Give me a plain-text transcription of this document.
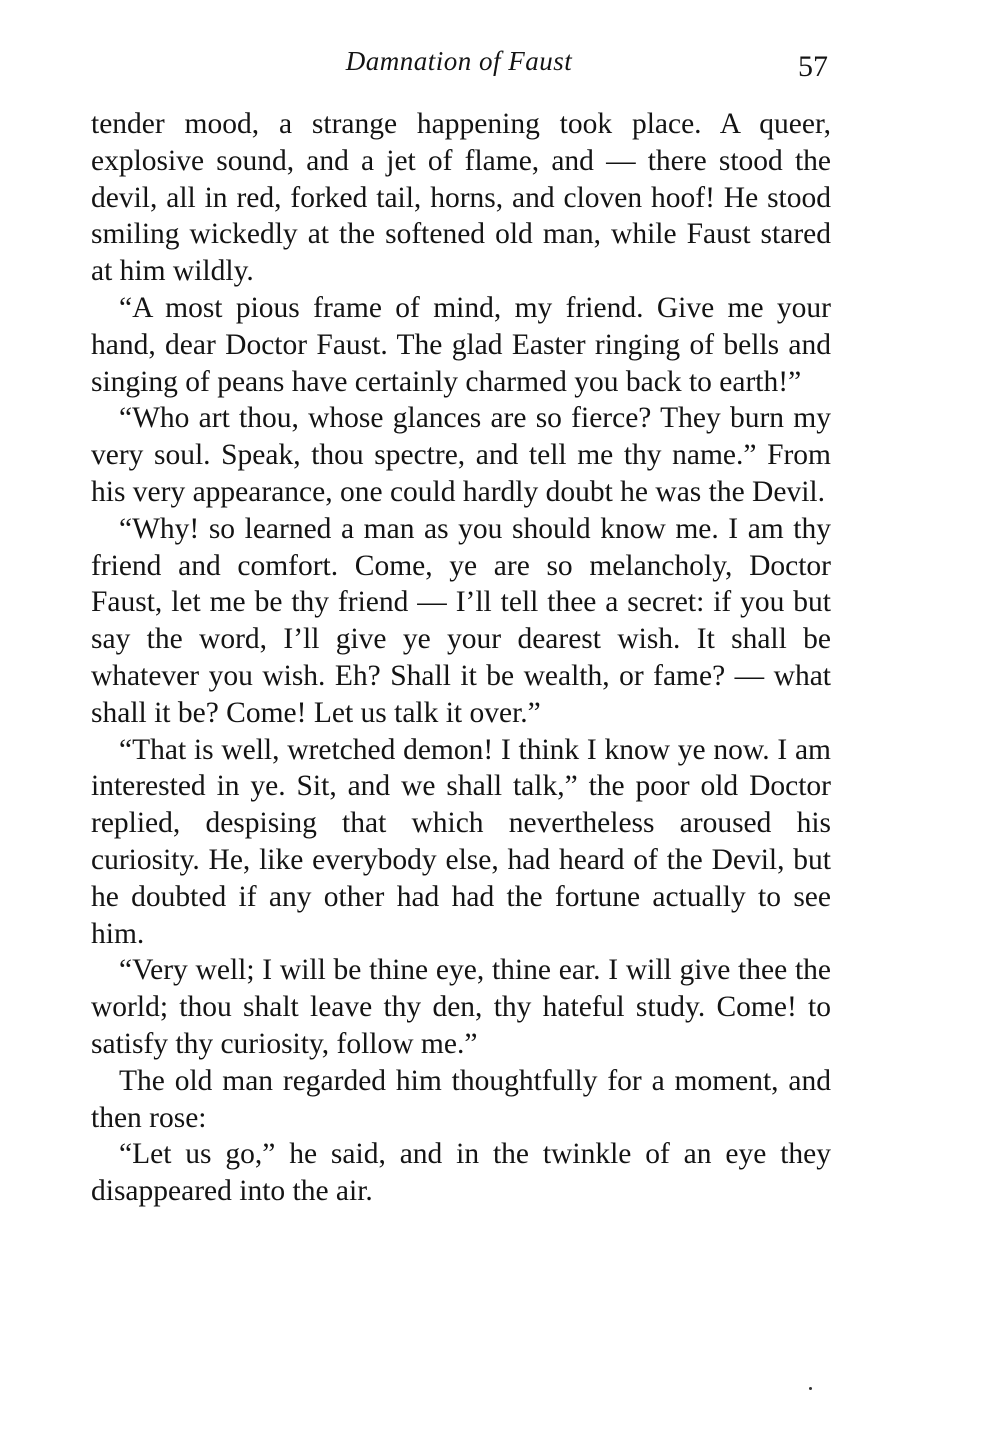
Damnation of Faust	57

tender mood, a strange happening took place. A queer, explosive sound, and a jet of flame, and — there stood the devil, all in red, forked tail, horns, and cloven hoof! He stood smiling wickedly at the softened old man, while Faust stared at him wildly.

“A most pious frame of mind, my friend. Give me your hand, dear Doctor Faust. The glad Easter ringing of bells and singing of peans have certainly charmed you back to earth!”

“Who art thou, whose glances are so fierce? They burn my very soul. Speak, thou spectre, and tell me thy name.” From his very appearance, one could hardly doubt he was the Devil.

“Why! so learned a man as you should know me. I am thy friend and comfort. Come, ye are so melancholy, Doctor Faust, let me be thy friend — I’ll tell thee a secret: if you but say the word, I’ll give ye your dearest wish. It shall be whatever you wish. Eh? Shall it be wealth, or fame? — what shall it be? Come! Let us talk it over.”

“That is well, wretched demon! I think I know ye now. I am interested in ye. Sit, and we shall talk,” the poor old Doctor replied, despising that which nevertheless aroused his curiosity. He, like everybody else, had heard of the Devil, but he doubted if any other had had the fortune actually to see him.

“Very well; I will be thine eye, thine ear. I will give thee the world; thou shalt leave thy den, thy hateful study. Come! to satisfy thy curiosity, follow me.”

The old man regarded him thoughtfully for a moment, and then rose:

“Let us go,” he said, and in the twinkle of an eye they disappeared into the air.
